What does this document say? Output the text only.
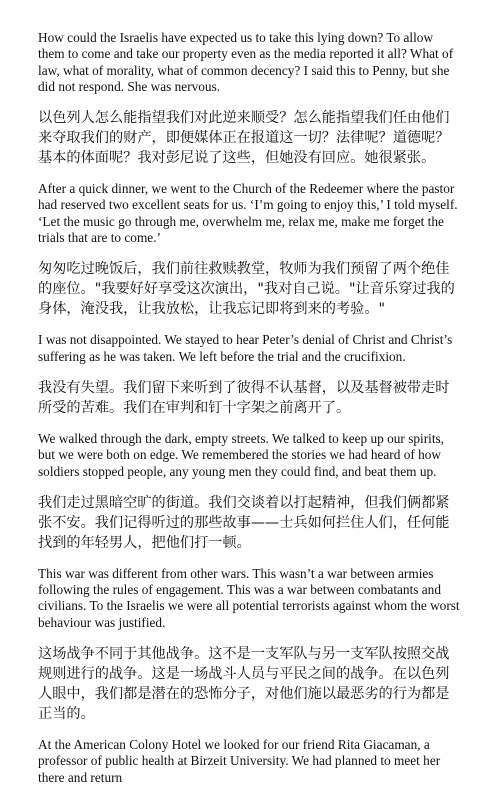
How could the Israelis have expected us to take this lying down? To allow them to come and take our property even as the media reported it all? What of law, what of morality, what of common decency? I said this to Penny, but she did not respond. She was nervous.

以色列人怎么能指望我们对此逆来顺受？怎么能指望我们任由他们来夺取我们的财产，即便媒体正在报道这一切？法律呢？道德呢？基本的体面呢？我对彭尼说了这些，但她没有回应。她很紧张。

After a quick dinner, we went to the Church of the Redeemer where the pastor had reserved two excellent seats for us. ‘I’m going to enjoy this,’ I told myself. ‘Let the music go through me, overwhelm me, relax me, make me forget the trials that are to come.’

匆匆吃过晚饭后，我们前往救赎教堂，牧师为我们预留了两个绝佳的座位。"我要好好享受这次演出，"我对自己说。"让音乐穿过我的身体，淹没我，让我放松，让我忘记即将到来的考验。"

I was not disappointed. We stayed to hear Peter’s denial of Christ and Christ’s suffering as he was taken. We left before the trial and the crucifixion.

我没有失望。我们留下来听到了彼得不认基督，以及基督被带走时所受的苦难。我们在审判和钉十字架之前离开了。

We walked through the dark, empty streets. We talked to keep up our spirits, but we were both on edge. We remembered the stories we had heard of how soldiers stopped people, any young men they could find, and beat them up.

我们走过黑暗空旷的街道。我们交谈着以打起精神，但我们俩都紧张不安。我们记得听过的那些故事——士兵如何拦住人们，任何能找到的年轻男人，把他们打一顿。

This war was different from other wars. This wasn’t a war between armies following the rules of engagement. This was a war between combatants and civilians. To the Israelis we were all potential terrorists against whom the worst behaviour was justified.

这场战争不同于其他战争。这不是一支军队与另一支军队按照交战规则进行的战争。这是一场战斗人员与平民之间的战争。在以色列人眼中，我们都是潜在的恐怖分子，对他们施以最恶劣的行为都是正当的。

At the American Colony Hotel we looked for our friend Rita Giacaman, a professor of public health at Birzeit University. We had planned to meet her there and return
